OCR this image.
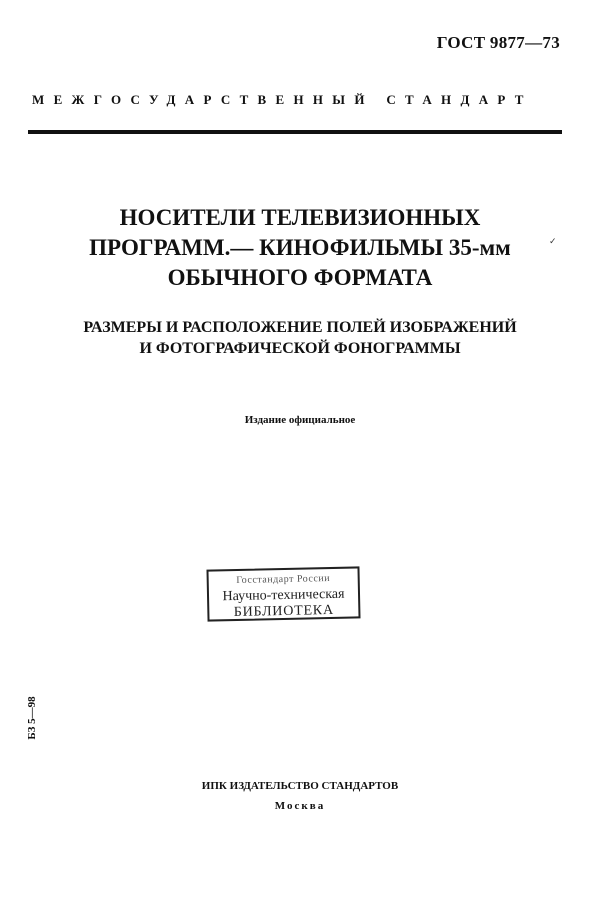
ГОСТ 9877—73
МЕЖГОСУДАРСТВЕННЫЙ СТАНДАРТ
НОСИТЕЛИ ТЕЛЕВИЗИОННЫХ
ПРОГРАММ.— КИНОФИЛЬМЫ 35-мм
ОБЫЧНОГО ФОРМАТА
✓
РАЗМЕРЫ И РАСПОЛОЖЕНИЕ ПОЛЕЙ ИЗОБРАЖЕНИЙ
И ФОТОГРАФИЧЕСКОЙ ФОНОГРАММЫ
Издание официальное
Госстандарт России
Научно-техническая
БИБЛИОТЕКА
БЗ 5—98
ИПК ИЗДАТЕЛЬСТВО СТАНДАРТОВ
Москва
